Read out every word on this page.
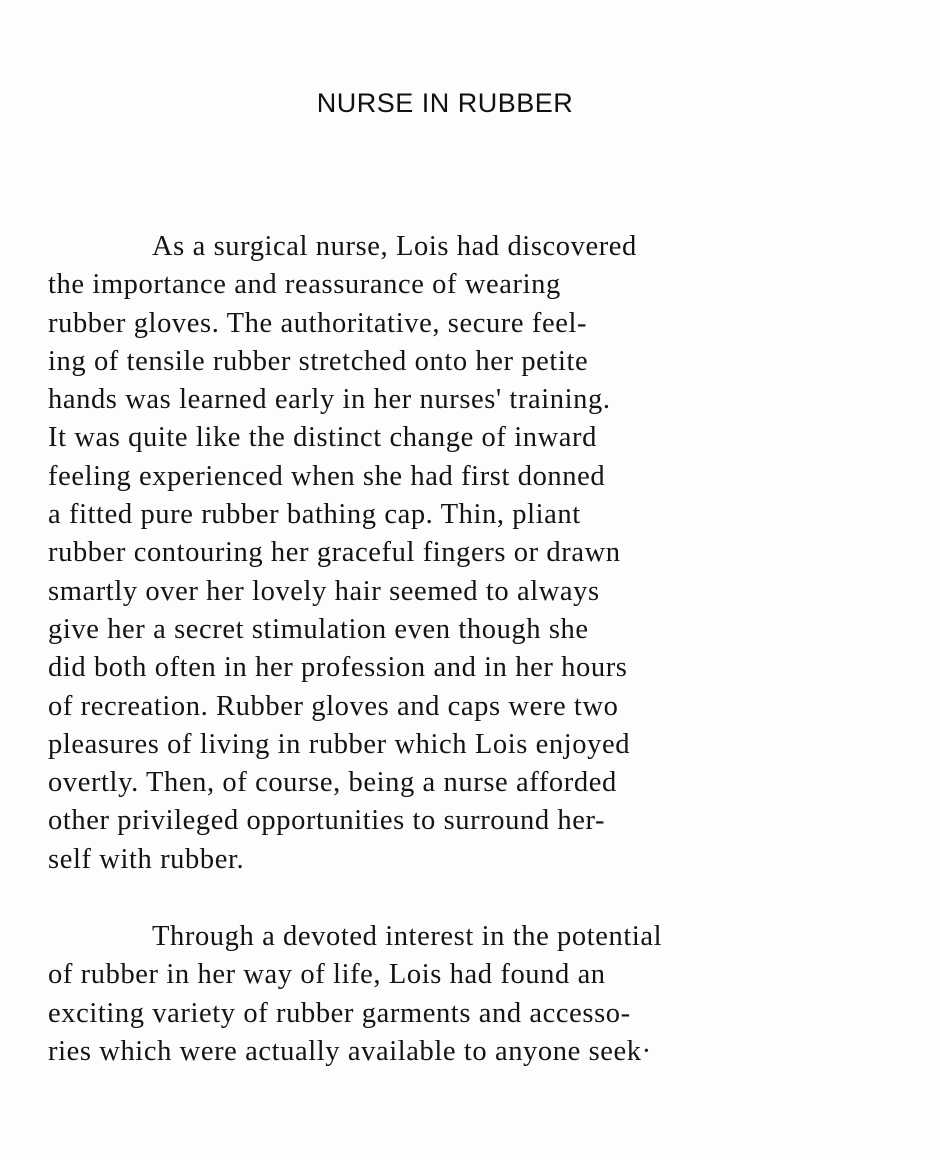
NURSE IN RUBBER

As a surgical nurse, Lois had discovered
the importance and reassurance of wearing
rubber gloves. The authoritative, secure feel-
ing of tensile rubber stretched onto her petite
hands was learned early in her nurses' training.
It was quite like the distinct change of inward
feeling experienced when she had first donned
a fitted pure rubber bathing cap. Thin, pliant
rubber contouring her graceful fingers or drawn
smartly over her lovely hair seemed to always
give her a secret stimulation even though she
did both often in her profession and in her hours
of recreation. Rubber gloves and caps were two
pleasures of living in rubber which Lois enjoyed
overtly. Then, of course, being a nurse afforded
other privileged opportunities to surround her-
self with rubber.

Through a devoted interest in the potential
of rubber in her way of life, Lois had found an
exciting variety of rubber garments and accesso-
ries which were actually available to anyone seek·
